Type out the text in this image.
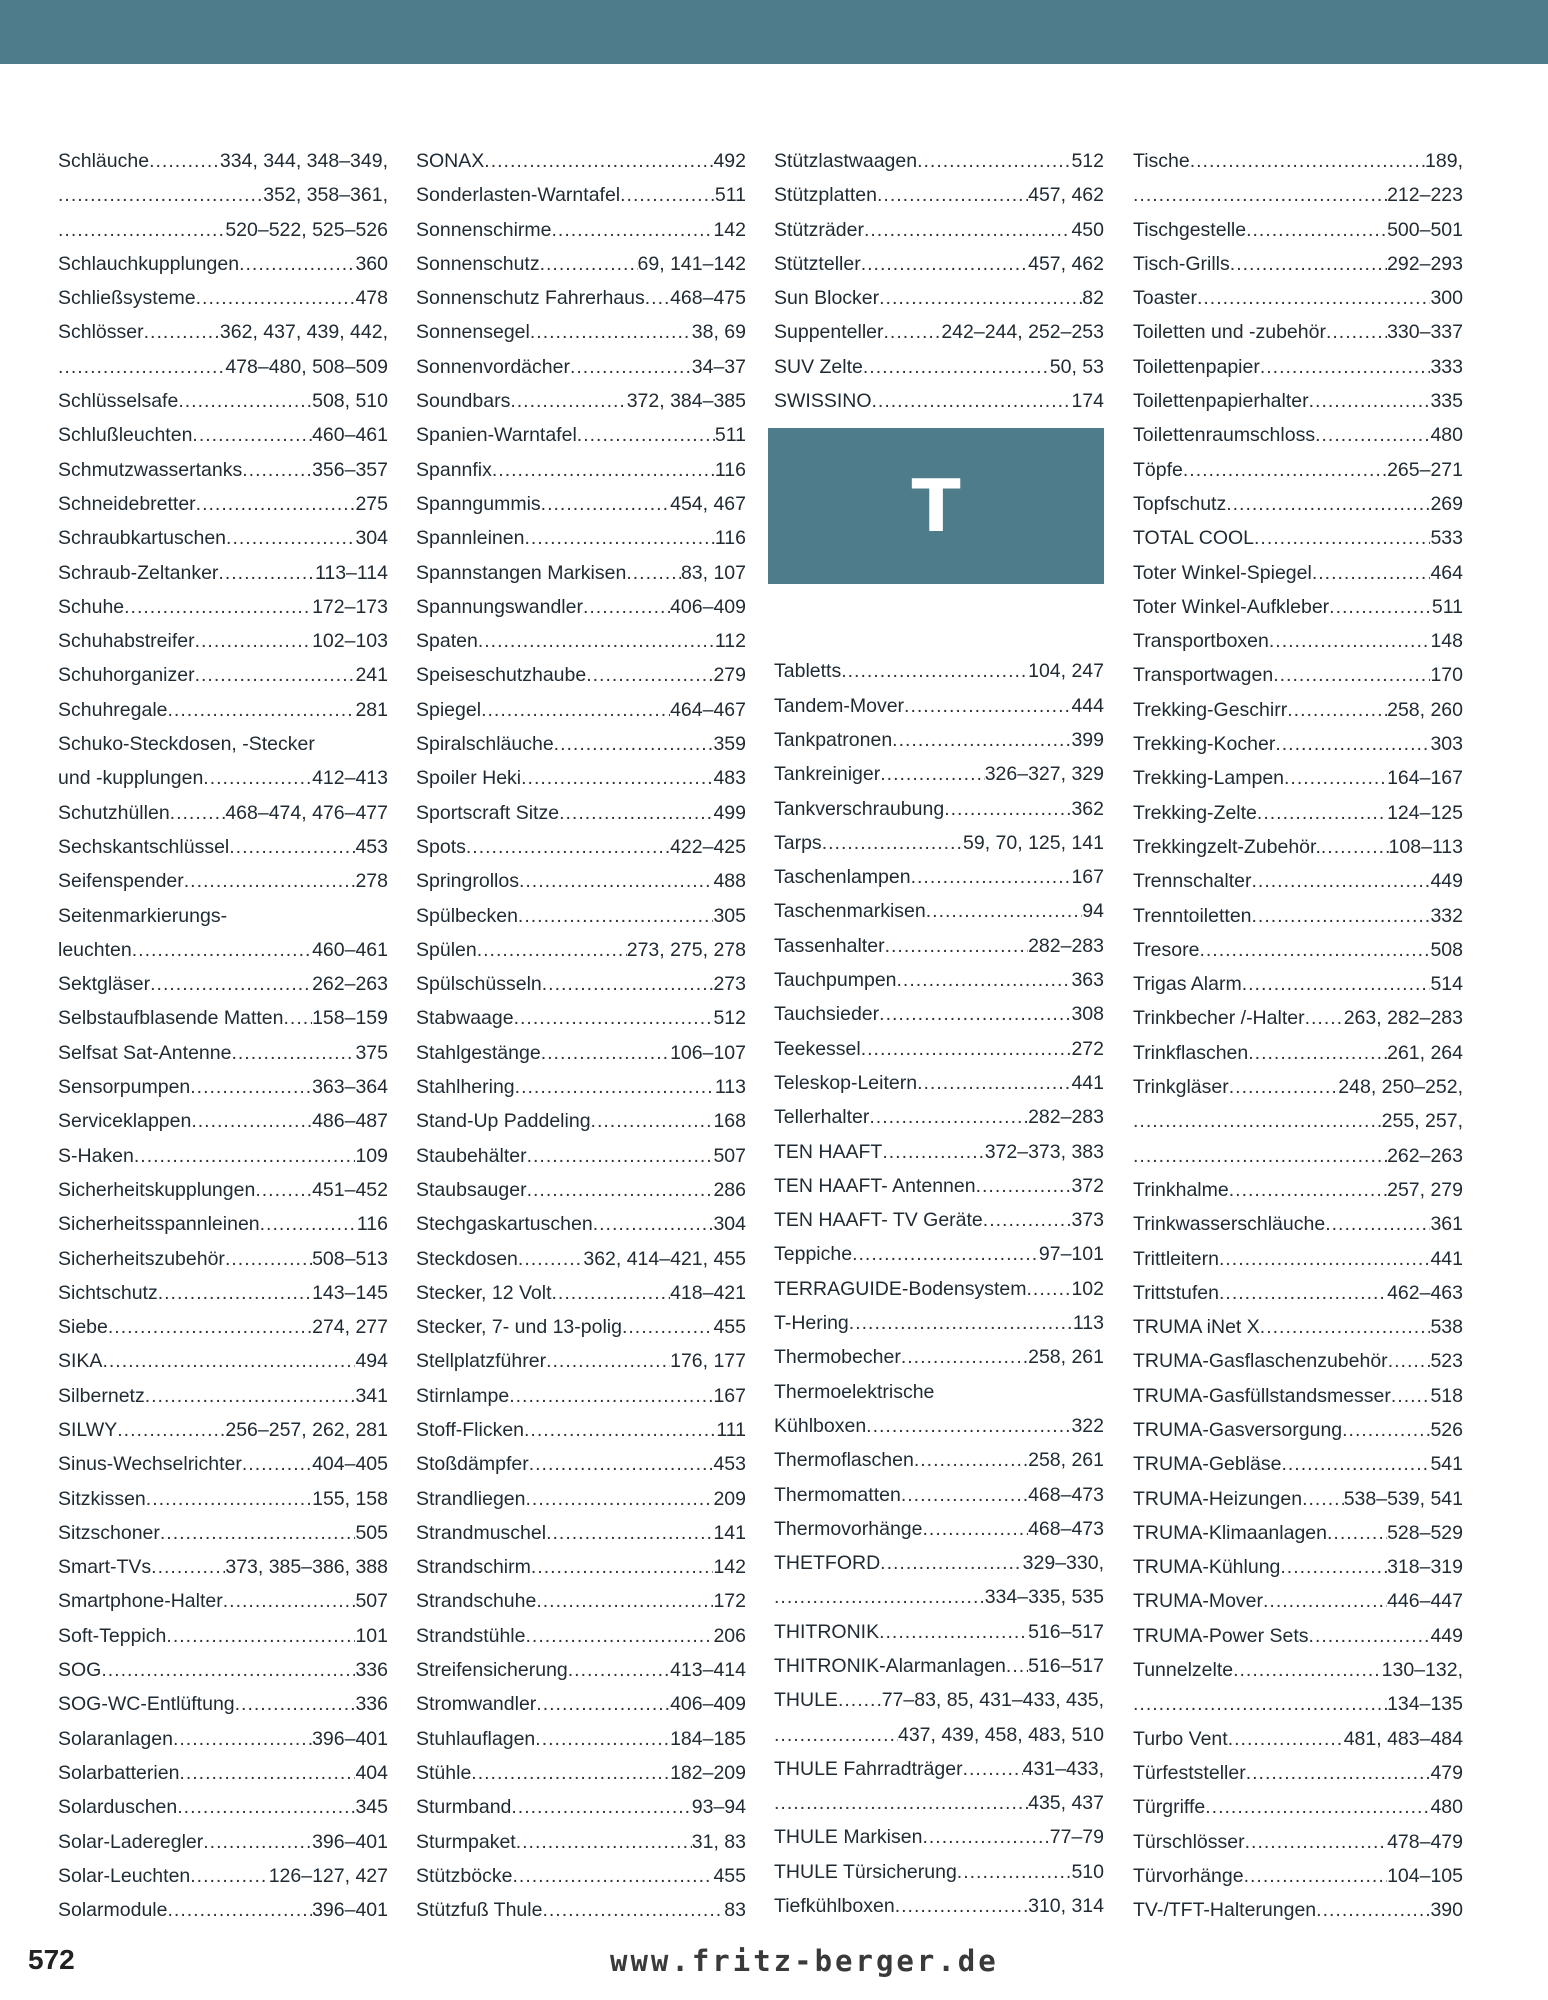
Schläuche .....	334, 344, 348–349,
.....
352, 358–361,
.....
520–522, 525–526
Schlauchkupplungen .....	360
Schließsysteme .....	478
Schlösser .....	362, 437, 439, 442,
.....
478–480, 508–509
Schlüsselsafe .....	508, 510
Schlußleuchten .....	460–461
Schmutzwassertanks .....	356–357
Schneidebretter .....	275
Schraubkartuschen .....	304
Schraub-Zeltanker .....	113–114
Schuhe .....	172–173
Schuhabstreifer .....	102–103
Schuhorganizer .....	241
Schuhregale .....	281
Schuko-Steckdosen, -Stecker
und -kupplungen .....	412–413
Schutzhüllen .....	468–474, 476–477
Sechskantschlüssel .....	453
Seifenspender .....	278
Seitenmarkierungs-
leuchten .....	460–461
Sektgläser .....	262–263
Selbstaufblasende Matten ..... 158–159
Selfsat Sat-Antenne .....	375
Sensorpumpen .....	363–364
Serviceklappen .....	486–487
S-Haken .....	109
Sicherheitskupplungen .....	451–452
Sicherheitsspannleinen .....	116
Sicherheitszubehör .....	508–513
Sichtschutz .....	143–145
Siebe .....	274, 277
SIKA .....	494
Silbernetz .....	341
SILWY .....	256–257, 262, 281
Sinus-Wechselrichter .....	404–405
Sitzkissen .....	155, 158
Sitzschoner .....	505
Smart-TVs .....	373, 385–386, 388
Smartphone-Halter .....	507
Soft-Teppich .....	101
SOG .....	336
SOG-WC-Entlüftung .....	336
Solaranlagen .....	396–401
Solarbatterien .....	404
Solarduschen .....	345
Solar-Laderegler .....	396–401
Solar-Leuchten .....	126–127, 427
Solarmodule .....	396–401
SONAX .....	492
Sonderlasten-Warntafel .....	511
Sonnenschirme .....	142
Sonnenschutz .....	69, 141–142
Sonnenschutz Fahrerhaus ..... 468–475
Sonnensegel .....	38, 69
Sonnenvordächer .....	34–37
Soundbars .....	372, 384–385
Spanien-Warntafel .....	511
Spannfix .....	116
Spanngummis .....	454, 467
Spannleinen .....	116
Spannstangen Markisen .....	83, 107
Spannungswandler .....	406–409
Spaten .....	112
Speiseschutzhaube .....	279
Spiegel .....	464–467
Spiralschläuche .....	359
Spoiler Heki .....	483
Sportscraft Sitze .....	499
Spots .....	422–425
Springrollos .....	488
Spülbecken .....	305
Spülen .....	273, 275, 278
Spülschüsseln .....	273
Stabwaage .....	512
Stahlgestänge .....	106–107
Stahlhering .....	113
Stand-Up Paddeling .....	168
Staubehälter .....	507
Staubsauger .....	286
Stechgaskartuschen .....	304
Steckdosen .....	362, 414–421, 455
Stecker, 12 Volt .....	418–421
Stecker, 7- und 13-polig .....	455
Stellplatzführer .....	176, 177
Stirnlampe .....	167
Stoff-Flicken .....	111
Stoßdämpfer .....	453
Strandliegen .....	209
Strandmuschel .....	141
Strandschirm .....	142
Strandschuhe .....	172
Strandstühle .....	206
Streifensicherung .....	413–414
Stromwandler .....	406–409
Stuhlauflagen .....	184–185
Stühle .....	182–209
Sturmband .....	93–94
Sturmpaket .....	31, 83
Stützböcke .....	455
Stützfuß Thule .....	83
Stützlastwaagen .....	512
Stützplatten .....	457, 462
Stützräder .....	450
Stützteller .....	457, 462
Sun Blocker .....	82
Suppenteller .....	242–244, 252–253
SUV Zelte .....	50, 53
SWISSINO .....	174
T
Tabletts .....	104, 247
Tandem-Mover .....	444
Tankpatronen .....	399
Tankreiniger .....	326–327, 329
Tankverschraubung .....	362
Tarps .....	59, 70, 125, 141
Taschenlampen .....	167
Taschenmarkisen .....	94
Tassenhalter .....	282–283
Tauchpumpen .....	363
Tauchsieder .....	308
Teekessel .....	272
Teleskop-Leitern .....	441
Tellerhalter .....	282–283
TEN HAAFT .....	372–373, 383
TEN HAAFT- Antennen .....	372
TEN HAAFT- TV Geräte .....	373
Teppiche .....	97–101
TERRAGUIDE-Bodensystem ..... 102
T-Hering .....	113
Thermobecher .....	258, 261
Thermoelektrische
Kühlboxen .....	322
Thermoflaschen .....	258, 261
Thermomatten .....	468–473
Thermovorhänge .....	468–473
THETFORD .....	329–330,
.....
334–335, 535
THITRONIK .....	516–517
THITRONIK-Alarmanlagen ..... 516–517
THULE ..... 77–83, 85, 431–433, 435,
.....
437, 439, 458, 483, 510
THULE Fahrradträger .....	431–433,
.....
435, 437
THULE Markisen .....	77–79
THULE Türsicherung .....	510
Tiefkühlboxen .....	310, 314
Tische .....	189,
.....
212–223
Tischgestelle .....	500–501
Tisch-Grills .....	292–293
Toaster .....	300
Toiletten und -zubehör .....	330–337
Toilettenpapier .....	333
Toilettenpapierhalter .....	335
Toilettenraumschloss .....	480
Töpfe .....	265–271
Topfschutz .....	269
TOTAL COOL .....	533
Toter Winkel-Spiegel .....	464
Toter Winkel-Aufkleber .....	511
Transportboxen .....	148
Transportwagen .....	170
Trekking-Geschirr .....	258, 260
Trekking-Kocher .....	303
Trekking-Lampen .....	164–167
Trekking-Zelte .....	124–125
Trekkingzelt-Zubehör. .....	108–113
Trennschalter .....	449
Trenntoiletten .....	332
Tresore .....	508
Trigas Alarm .....	514
Trinkbecher /-Halter ..... 263, 282–283
Trinkflaschen .....	261, 264
Trinkgläser .....	248, 250–252,
.....
255, 257,
.....
262–263
Trinkhalme .....	257, 279
Trinkwasserschläuche .....	361
Trittleitern .....	441
Trittstufen .....	462–463
TRUMA iNet X .....	538
TRUMA-Gasflaschenzubehör ..... 523
TRUMA-Gasfüllstandsmesser ..... 518
TRUMA-Gasversorgung .....	526
TRUMA-Gebläse .....	541
TRUMA-Heizungen ..... 538–539, 541
TRUMA-Klimaanlagen .....	528–529
TRUMA-Kühlung .....	318–319
TRUMA-Mover .....	446–447
TRUMA-Power Sets .....	449
Tunnelzelte .....	130–132,
.....
134–135
Turbo Vent .....	481, 483–484
Türfeststeller .....	479
Türgriffe .....	480
Türschlösser .....	478–479
Türvorhänge .....	104–105
TV-/TFT-Halterungen .....	390
572	www.fritz-berger.de
